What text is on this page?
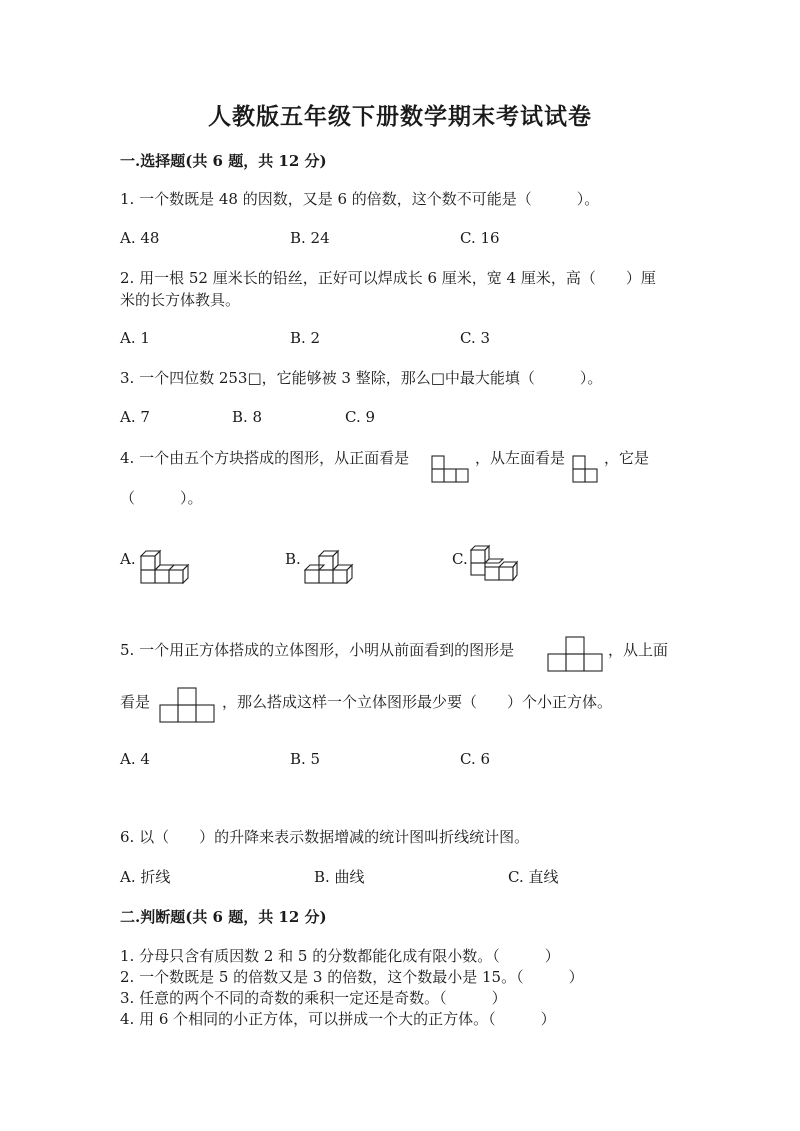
人教版五年级下册数学期末考试试卷
一.选择题(共 6 题，共 12 分)
1. 一个数既是 48 的因数，又是 6 的倍数，这个数不可能是（　　　）。
A. 48	B. 24	C. 16
2. 用一根 52 厘米长的铅丝，正好可以焊成长 6 厘米，宽 4 厘米，高（　　）厘
米的长方体教具。
A. 1	B. 2	C. 3
3. 一个四位数 253□，它能够被 3 整除，那么□中最大能填（　　　）。
A. 7	B. 8	C. 9
4. 一个由五个方块搭成的图形，从正面看是	，从左面看是	，它是
（　　　）。
A.	B.	C.
5. 一个用正方体搭成的立体图形，小明从前面看到的图形是	，从上面
看是	，那么搭成这样一个立体图形最少要（　　）个小正方体。
A. 4	B. 5	C. 6
6. 以（　　）的升降来表示数据增减的统计图叫折线统计图。
A. 折线	B. 曲线	C. 直线
二.判断题(共 6 题，共 12 分)
1. 分母只含有质因数 2 和 5 的分数都能化成有限小数。（　　　）
2. 一个数既是 5 的倍数又是 3 的倍数，这个数最小是 15。（　　　）
3. 任意的两个不同的奇数的乘积一定还是奇数。（　　　）
4. 用 6 个相同的小正方体，可以拼成一个大的正方体。（　　　）
